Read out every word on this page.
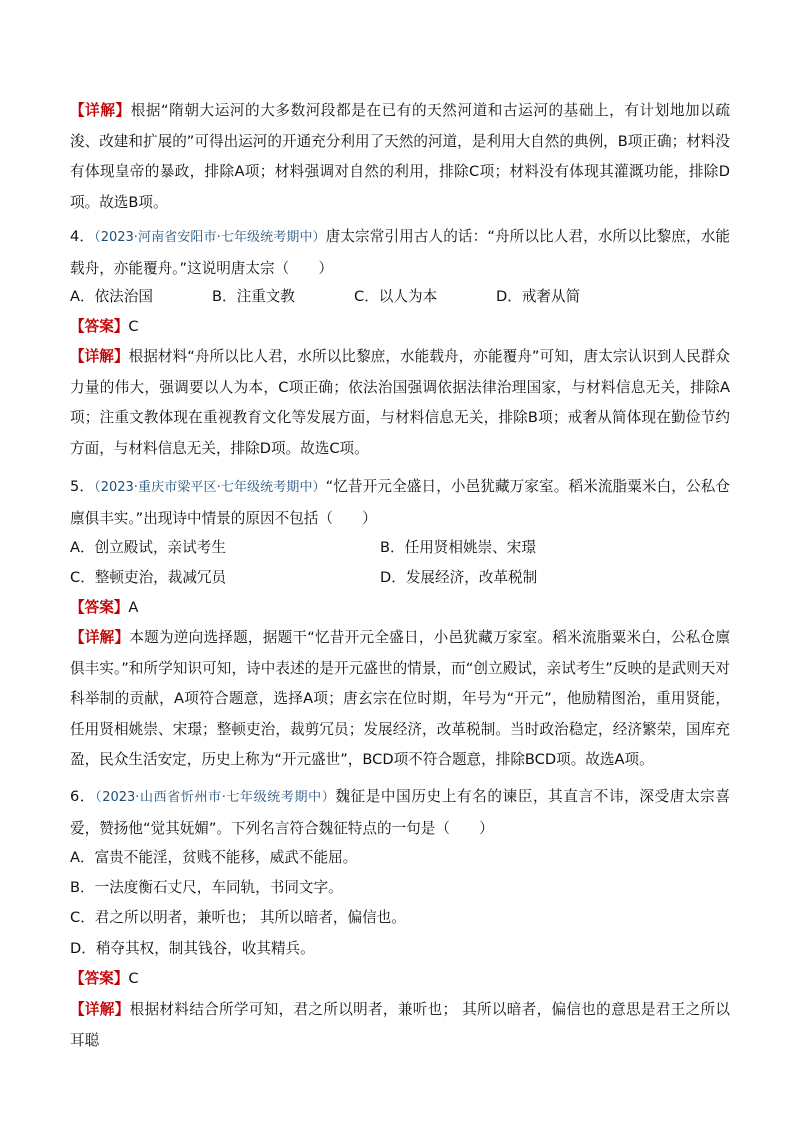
【详解】根据“隋朝大运河的大多数河段都是在已有的天然河道和古运河的基础上，有计划地加以疏浚、改建和扩展的”可得出运河的开通充分利用了天然的河道，是利用大自然的典例，B项正确；材料没有体现皇帝的暴政，排除A项；材料强调对自然的利用，排除C项；材料没有体现其灌溉功能，排除D项。故选B项。

4．（2023·河南省安阳市·七年级统考期中）唐太宗常引用古人的话：“舟所以比人君，水所以比黎庶，水能载舟，亦能覆舟。”这说明唐太宗（　　）

A．依法治国	B．注重文教	C．以人为本	D．戒奢从简

【答案】C

【详解】根据材料“舟所以比人君，水所以比黎庶，水能载舟，亦能覆舟”可知，唐太宗认识到人民群众力量的伟大，强调要以人为本，C项正确；依法治国强调依据法律治理国家，与材料信息无关，排除A项；注重文教体现在重视教育文化等发展方面，与材料信息无关，排除B项；戒奢从简体现在勤俭节约方面，与材料信息无关，排除D项。故选C项。

5．（2023·重庆市梁平区·七年级统考期中）“忆昔开元全盛日，小邑犹藏万家室。稻米流脂粟米白，公私仓廪俱丰实。”出现诗中情景的原因不包括（　　）

A．创立殿试，亲试考生	B．任用贤相姚崇、宋璟
C．整顿吏治，裁减冗员	D．发展经济，改革税制

【答案】A

【详解】本题为逆向选择题，据题干“忆昔开元全盛日，小邑犹藏万家室。稻米流脂粟米白，公私仓廪俱丰实。”和所学知识可知，诗中表述的是开元盛世的情景，而“创立殿试，亲试考生”反映的是武则天对科举制的贡献，A项符合题意，选择A项；唐玄宗在位时期，年号为“开元”，他励精图治，重用贤能，任用贤相姚崇、宋璟；整顿吏治，裁剪冗员；发展经济，改革税制。当时政治稳定，经济繁荣，国库充盈，民众生活安定，历史上称为“开元盛世”，BCD项不符合题意，排除BCD项。故选A项。

6．（2023·山西省忻州市·七年级统考期中）魏征是中国历史上有名的谏臣，其直言不讳，深受唐太宗喜爱，赞扬他“觉其妩媚”。下列名言符合魏征特点的一句是（　　）

A．富贵不能淫，贫贱不能移，威武不能屈。
B．一法度衡石丈尺，车同轨，书同文字。
C．君之所以明者，兼听也； 其所以暗者，偏信也。
D．稍夺其权，制其钱谷，收其精兵。

【答案】C

【详解】根据材料结合所学可知，君之所以明者，兼听也； 其所以暗者，偏信也的意思是君王之所以耳聪
